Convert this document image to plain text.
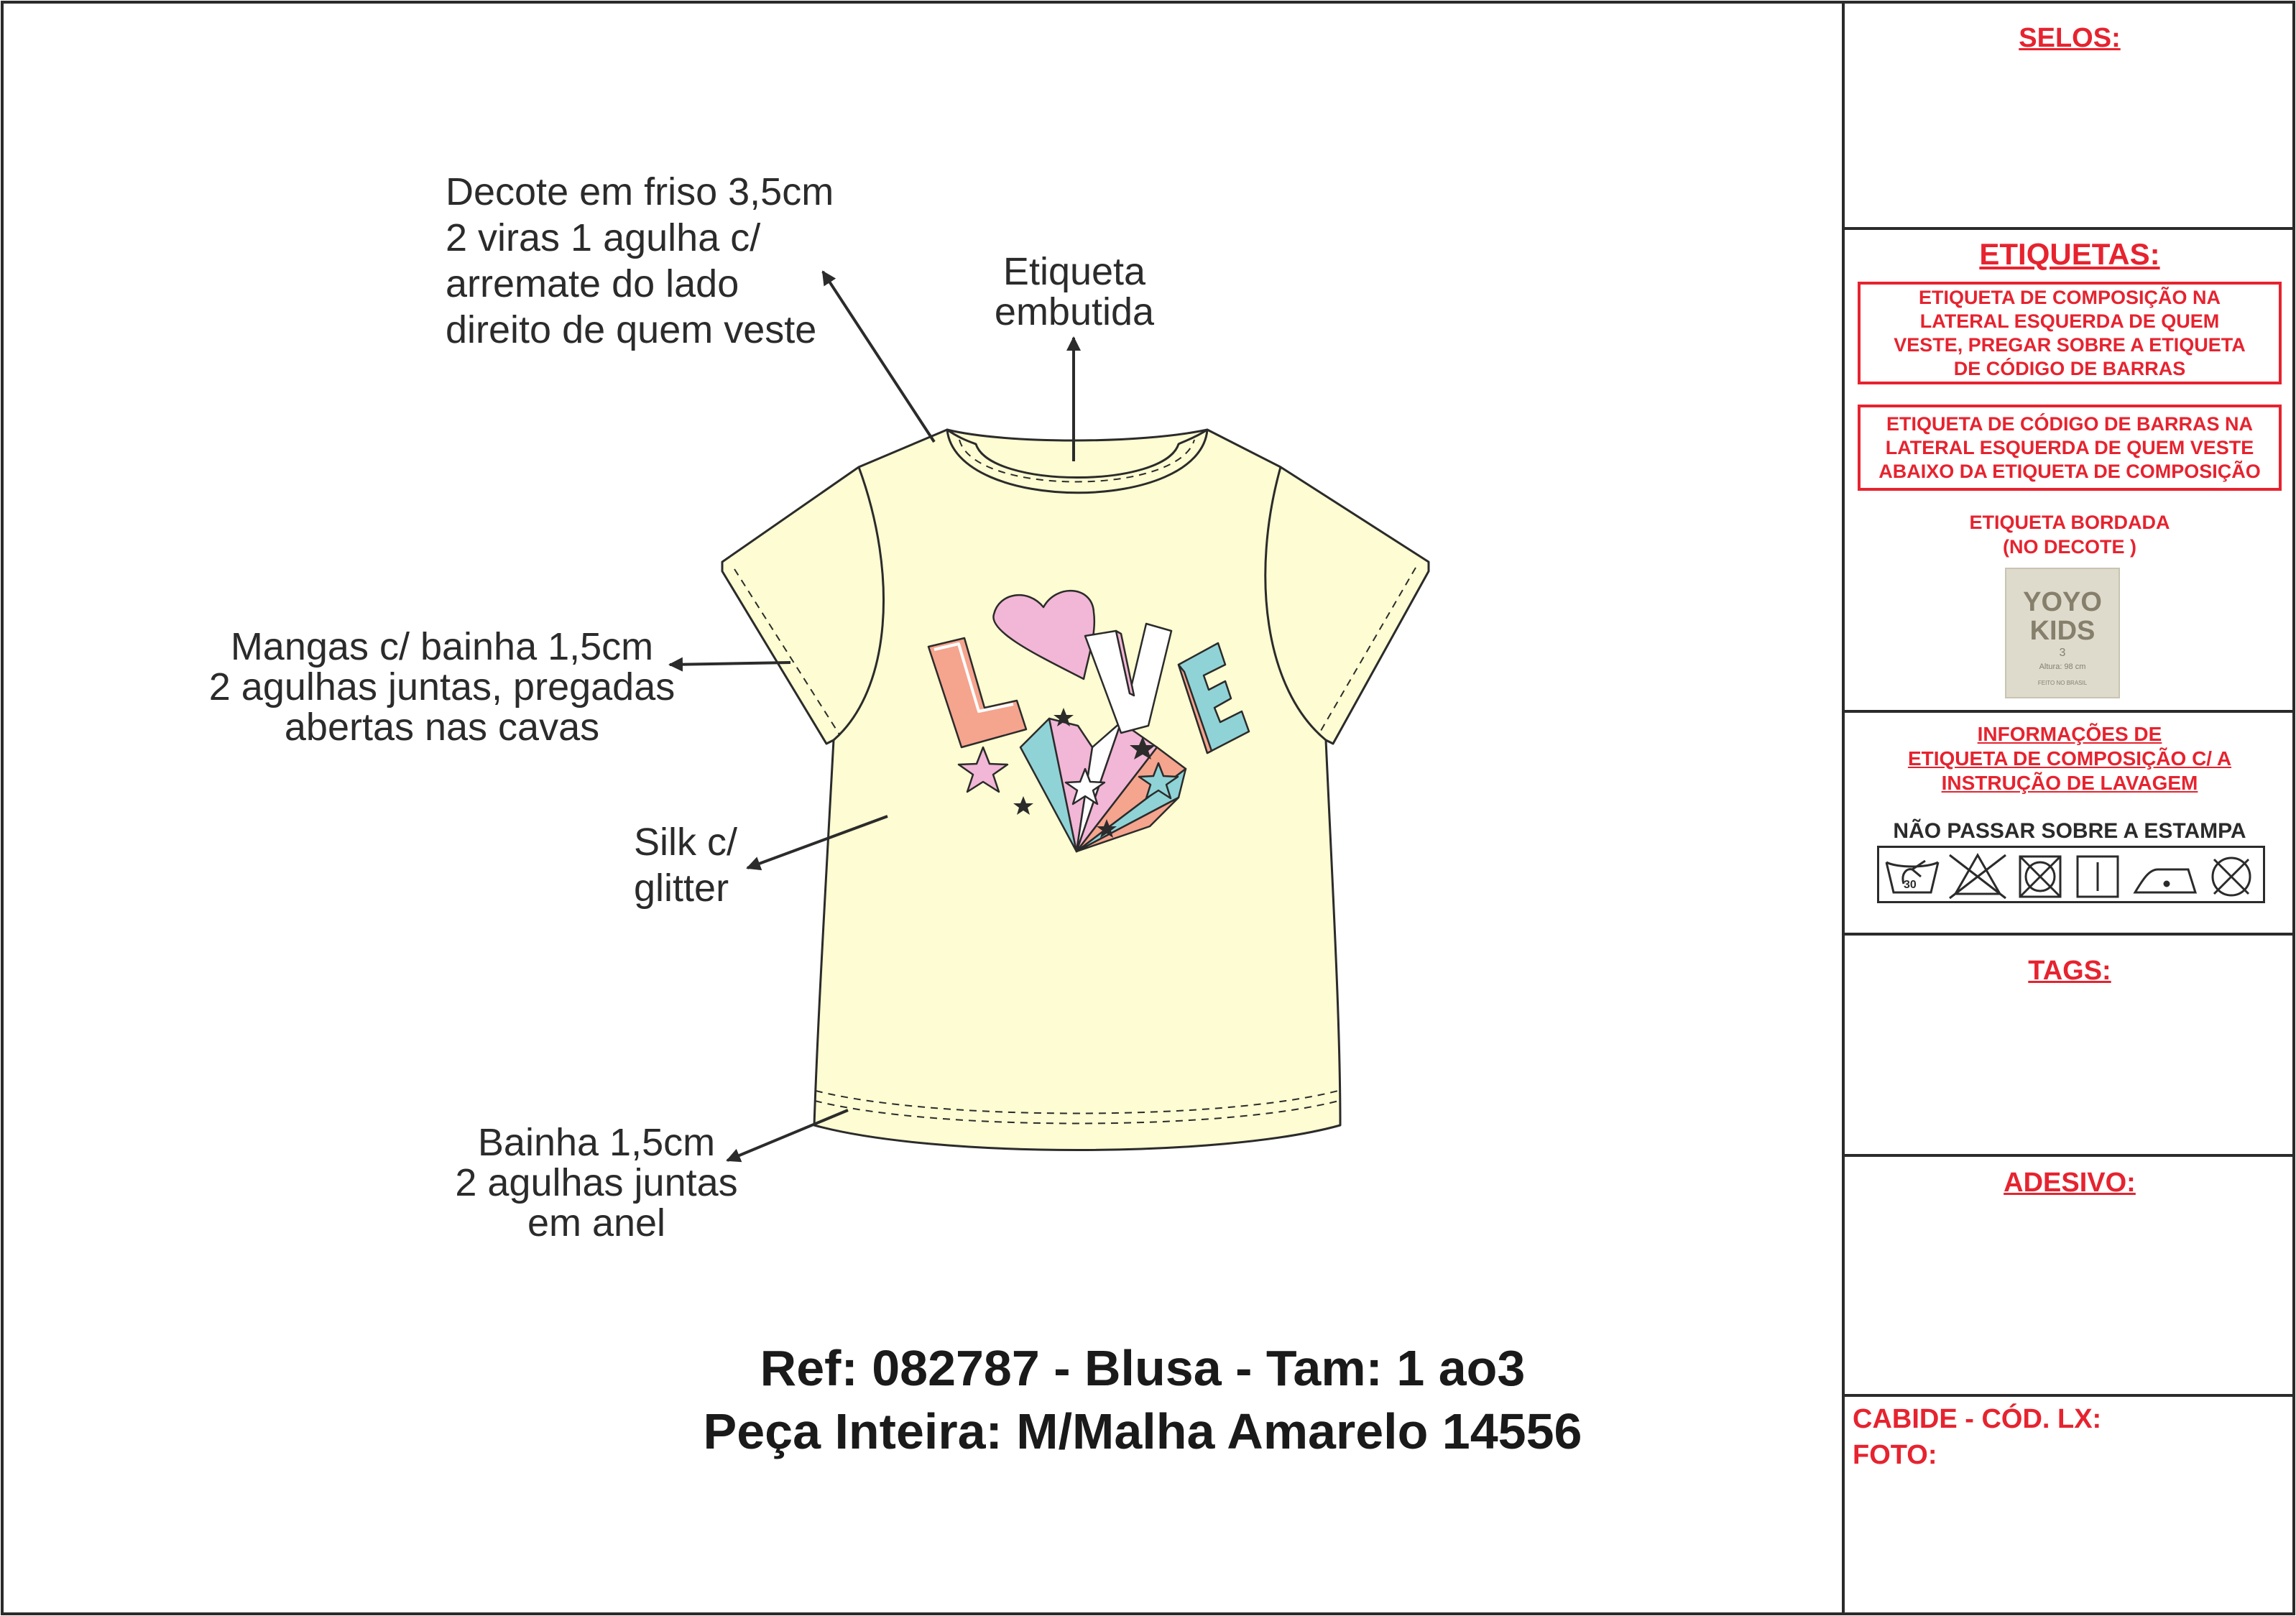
Decote em friso 3,5cm
2 viras 1 agulha c/
arremate do lado
direito de quem veste
Etiqueta
embutida
Mangas c/ bainha 1,5cm
2 agulhas juntas, pregadas
abertas nas cavas
Silk c/
glitter
Bainha 1,5cm
2 agulhas juntas
em anel
Ref: 082787 - Blusa - Tam: 1 ao3
Peça Inteira: M/Malha Amarelo 14556
SELOS:
ETIQUETAS:
ETIQUETA DE COMPOSIÇÃO NA
LATERAL ESQUERDA DE QUEM
VESTE, PREGAR SOBRE A ETIQUETA
DE CÓDIGO DE BARRAS
ETIQUETA DE CÓDIGO DE BARRAS NA
LATERAL ESQUERDA DE QUEM VESTE
ABAIXO DA ETIQUETA DE COMPOSIÇÃO
ETIQUETA BORDADA
(NO DECOTE )
YOYO
KIDS
3
Altura: 98 cm
FEITO NO BRASIL
INFORMAÇÕES DE
ETIQUETA DE COMPOSIÇÃO C/ A
INSTRUÇÃO DE LAVAGEM
NÃO PASSAR SOBRE A ESTAMPA
30
TAGS:
ADESIVO:
CABIDE - CÓD. LX:
FOTO:
